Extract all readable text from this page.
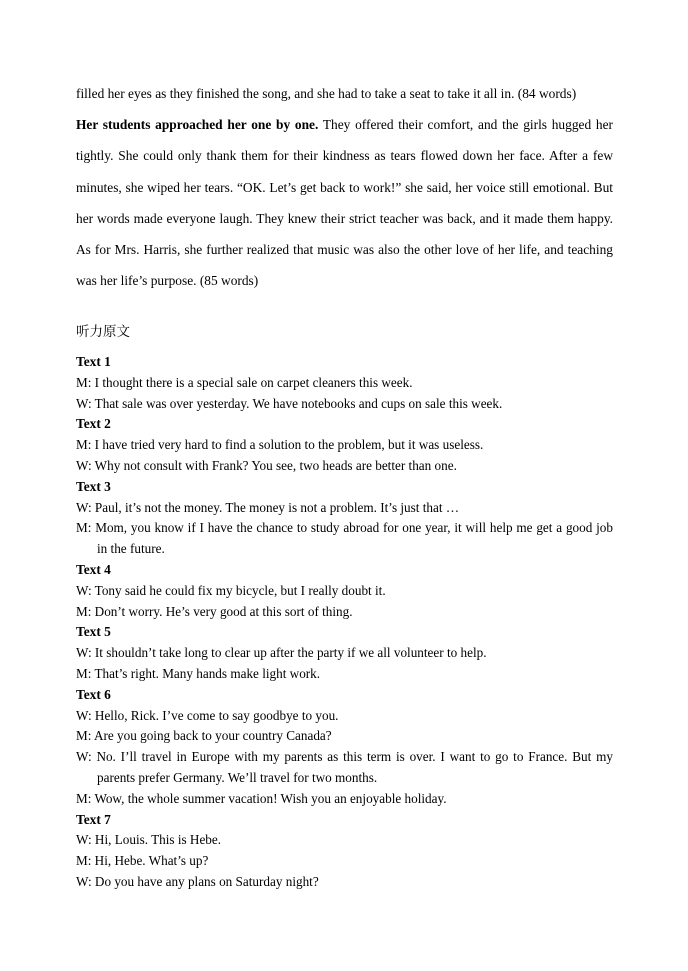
filled her eyes as they finished the song, and she had to take a seat to take it all in. (84 words)

Her students approached her one by one. They offered their comfort, and the girls hugged her tightly. She could only thank them for their kindness as tears flowed down her face. After a few minutes, she wiped her tears. “OK. Let’s get back to work!” she said, her voice still emotional. But her words made everyone laugh. They knew their strict teacher was back, and it made them happy. As for Mrs. Harris, she further realized that music was also the other love of her life, and teaching was her life’s purpose. (85 words)

听力原文

Text 1

M: I thought there is a special sale on carpet cleaners this week.

W: That sale was over yesterday. We have notebooks and cups on sale this week.

Text 2

M: I have tried very hard to find a solution to the problem, but it was useless.

W: Why not consult with Frank? You see, two heads are better than one.

Text 3

W: Paul, it’s not the money. The money is not a problem. It’s just that …

M: Mom, you know if I have the chance to study abroad for one year, it will help me get a good job in the future.

Text 4

W: Tony said he could fix my bicycle, but I really doubt it.

M: Don’t worry. He’s very good at this sort of thing.

Text 5

W: It shouldn’t take long to clear up after the party if we all volunteer to help.

M: That’s right. Many hands make light work.

Text 6

W: Hello, Rick. I’ve come to say goodbye to you.

M: Are you going back to your country Canada?

W: No. I’ll travel in Europe with my parents as this term is over. I want to go to France. But my parents prefer Germany. We’ll travel for two months.

M: Wow, the whole summer vacation! Wish you an enjoyable holiday.

Text 7

W: Hi, Louis. This is Hebe.

M: Hi, Hebe. What’s up?

W: Do you have any plans on Saturday night?
